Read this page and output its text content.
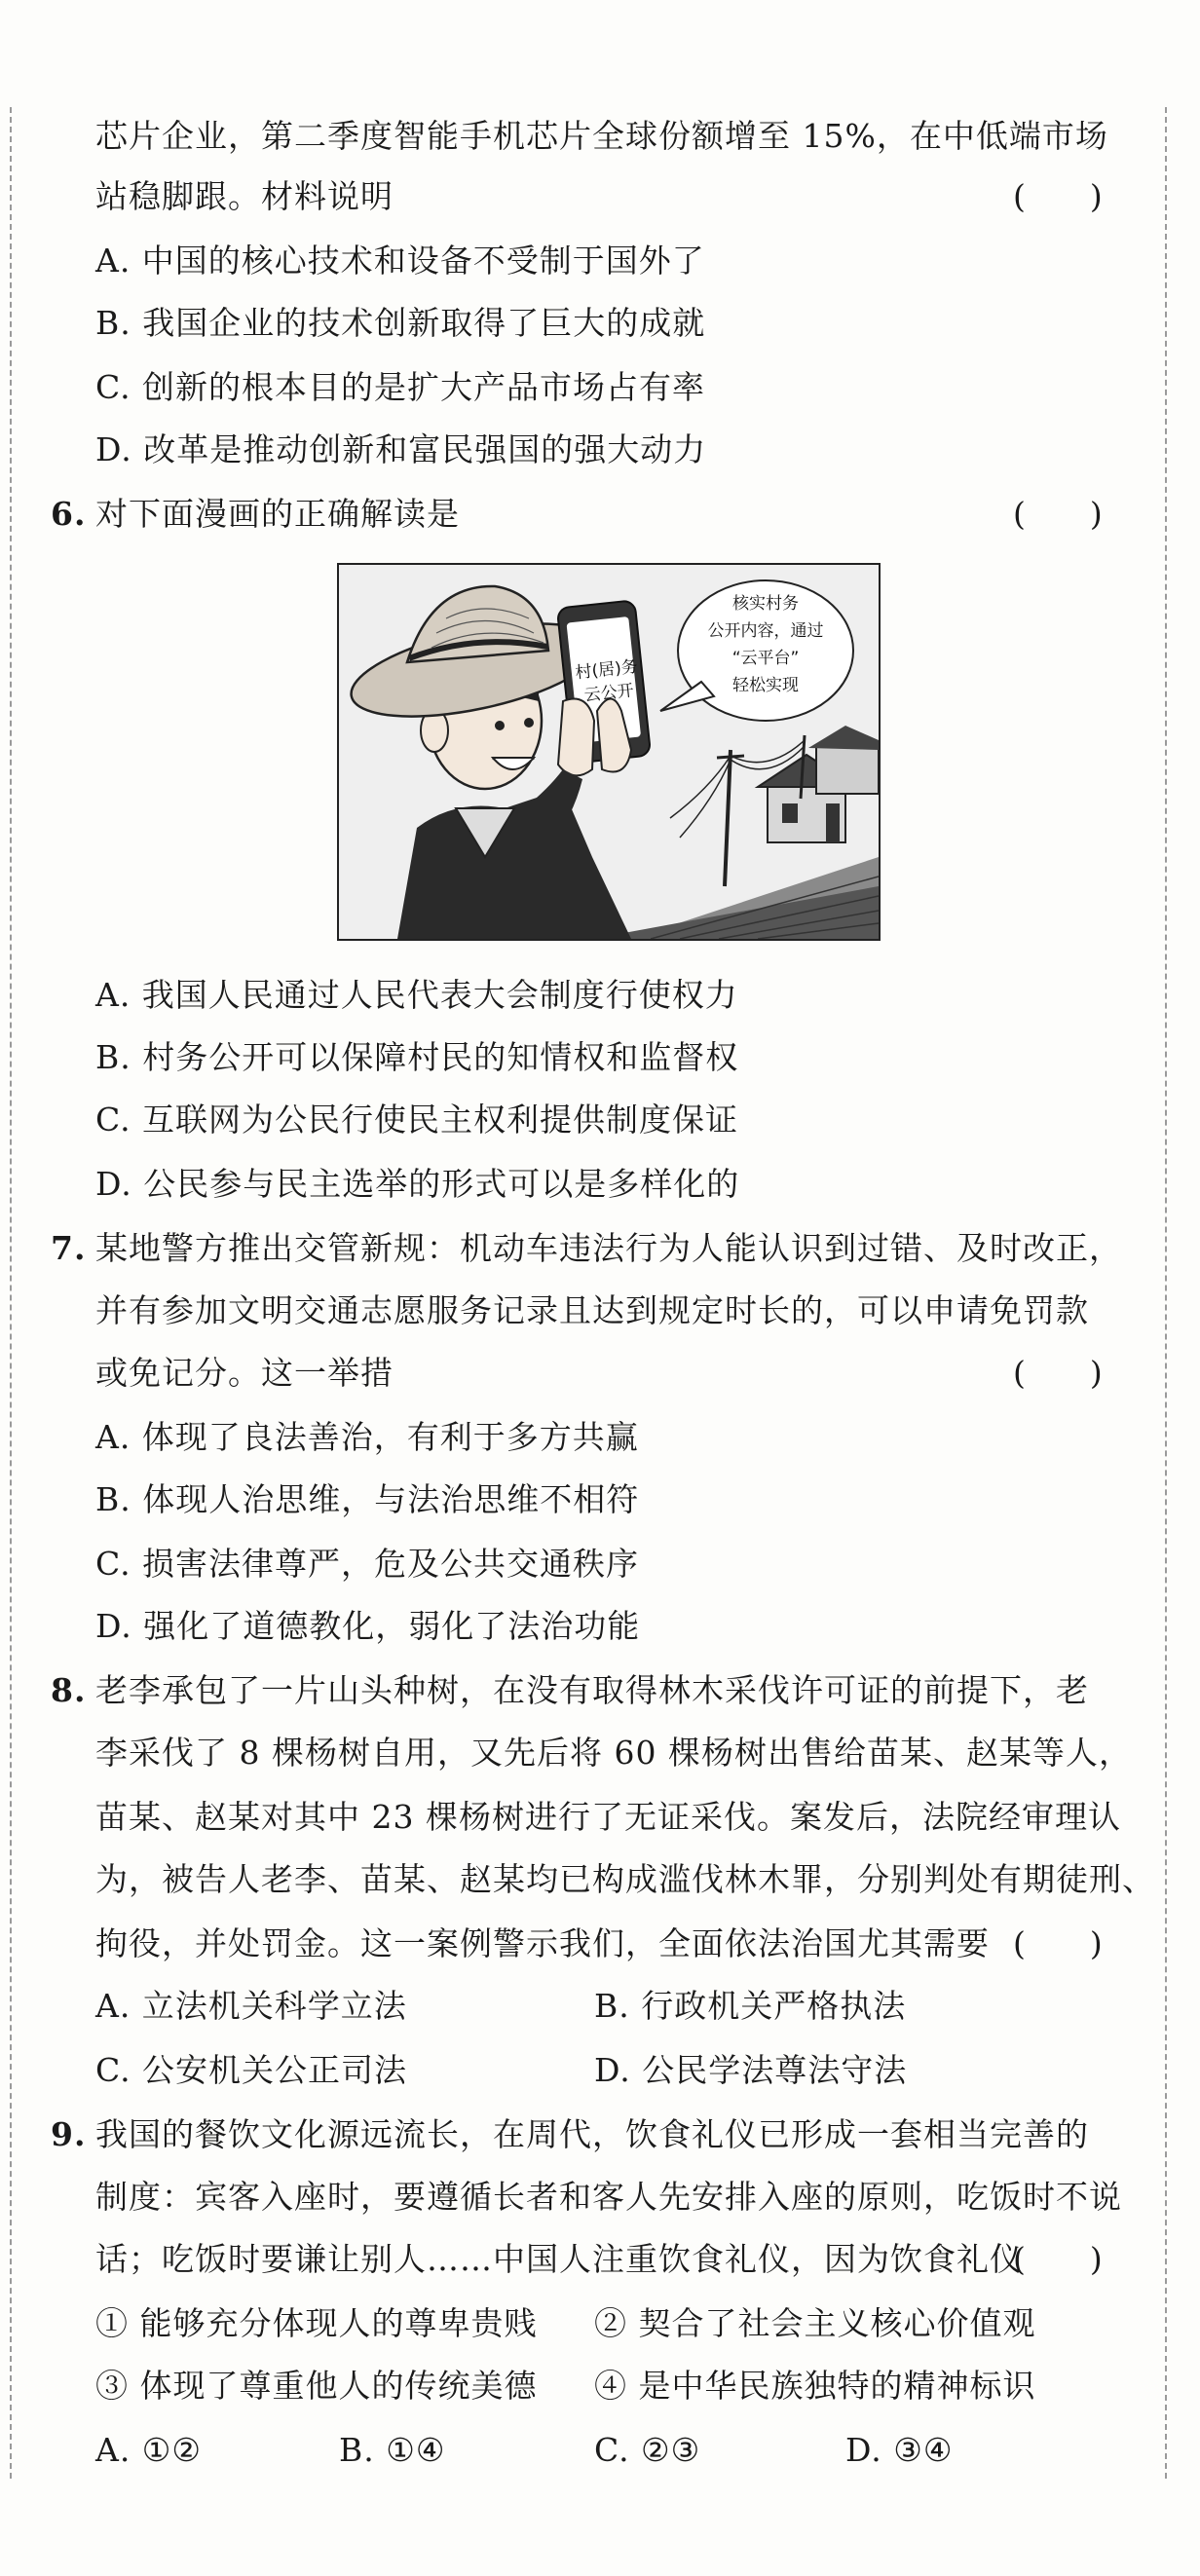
芯片企业，第二季度智能手机芯片全球份额增至 15%，在中低端市场
站稳脚跟。材料说明	(　　)
A. 中国的核心技术和设备不受制于国外了
B. 我国企业的技术创新取得了巨大的成就
C. 创新的根本目的是扩大产品市场占有率
D. 改革是推动创新和富民强国的强大动力
6. 对下面漫画的正确解读是	(　　)
村(居)务
云公开
核实村务
公开内容，通过
“云平台”
轻松实现
A. 我国人民通过人民代表大会制度行使权力
B. 村务公开可以保障村民的知情权和监督权
C. 互联网为公民行使民主权利提供制度保证
D. 公民参与民主选举的形式可以是多样化的
7. 某地警方推出交管新规：机动车违法行为人能认识到过错、及时改正，
并有参加文明交通志愿服务记录且达到规定时长的，可以申请免罚款
或免记分。这一举措	(　　)
A. 体现了良法善治，有利于多方共赢
B. 体现人治思维，与法治思维不相符
C. 损害法律尊严，危及公共交通秩序
D. 强化了道德教化，弱化了法治功能
8. 老李承包了一片山头种树，在没有取得林木采伐许可证的前提下，老
李采伐了 8 棵杨树自用，又先后将 60 棵杨树出售给苗某、赵某等人，
苗某、赵某对其中 23 棵杨树进行了无证采伐。案发后，法院经审理认
为，被告人老李、苗某、赵某均已构成滥伐林木罪，分别判处有期徒刑、
拘役，并处罚金。这一案例警示我们，全面依法治国尤其需要 (　　)
A. 立法机关科学立法	B. 行政机关严格执法
C. 公安机关公正司法	D. 公民学法尊法守法
9. 我国的餐饮文化源远流长，在周代，饮食礼仪已形成一套相当完善的
制度：宾客入座时，要遵循长者和客人先安排入座的原则，吃饭时不说
话；吃饭时要谦让别人……中国人注重饮食礼仪，因为饮食礼仪
(　　)
① 能够充分体现人的尊卑贵贱 ② 契合了社会主义核心价值观
③ 体现了尊重他人的传统美德 ④ 是中华民族独特的精神标识
A. ①②	B. ①④	C. ②③	D. ③④
